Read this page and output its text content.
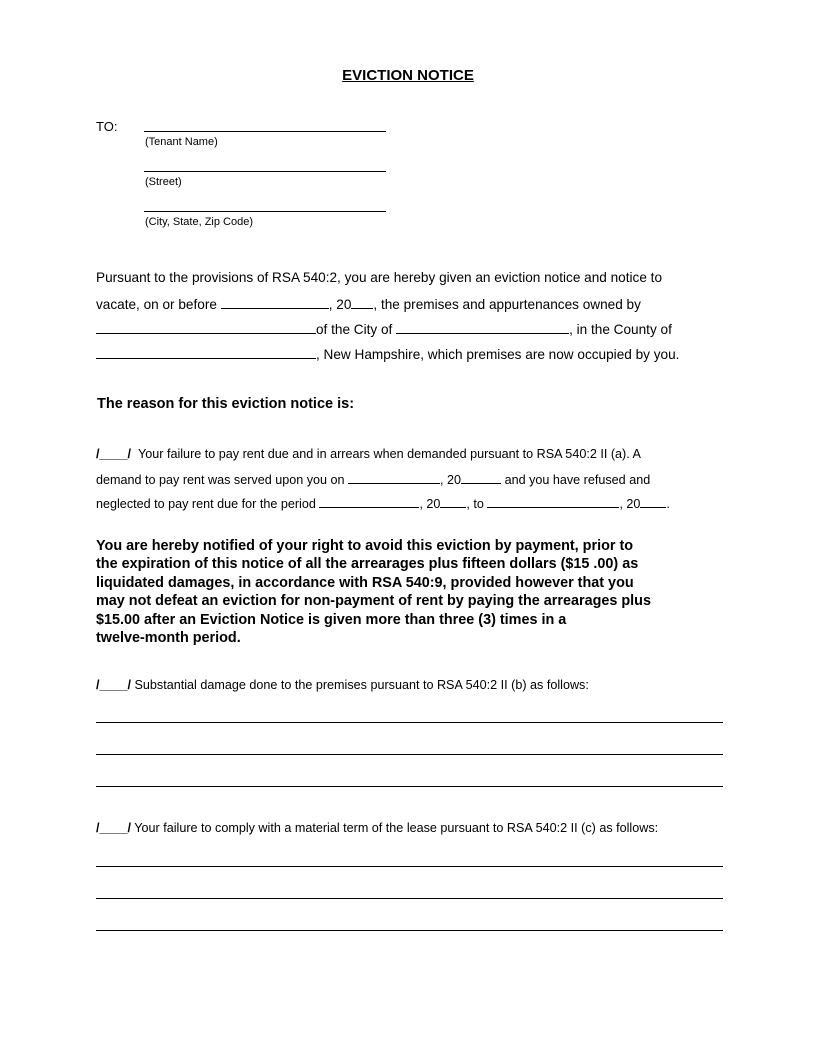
EVICTION NOTICE
TO:
(Tenant Name)
(Street)
(City, State, Zip Code)
Pursuant to the provisions of RSA 540:2, you are hereby given an eviction notice and notice to
vacate, on or before	, 20 , the premises and appurtenances owned by
of the City of	, in the County of
, New Hampshire, which premises are now occupied by you.
The reason for this eviction notice is:
/____/ Your failure to pay rent due and in arrears when demanded pursuant to RSA 540:2 II (a). A
demand to pay rent was served upon you on	, 20	and you have refused and
neglected to pay rent due for the period	, 20 , to	, 20 .

You are hereby notified of your right to avoid this eviction by payment, prior to

the expiration of this notice of all the arrearages plus fifteen dollars ($15 .00) as

liquidated damages, in accordance with RSA 540:9, provided however that you

may not defeat an eviction for non-payment of rent by paying the arrearages plus

$15.00 after an Eviction Notice is given more than three (3) times in a

twelve-month period.

/____/ Substantial damage done to the premises pursuant to RSA 540:2 II (b) as follows:
/____/ Your failure to comply with a material term of the lease pursuant to RSA 540:2 II (c) as follows:
